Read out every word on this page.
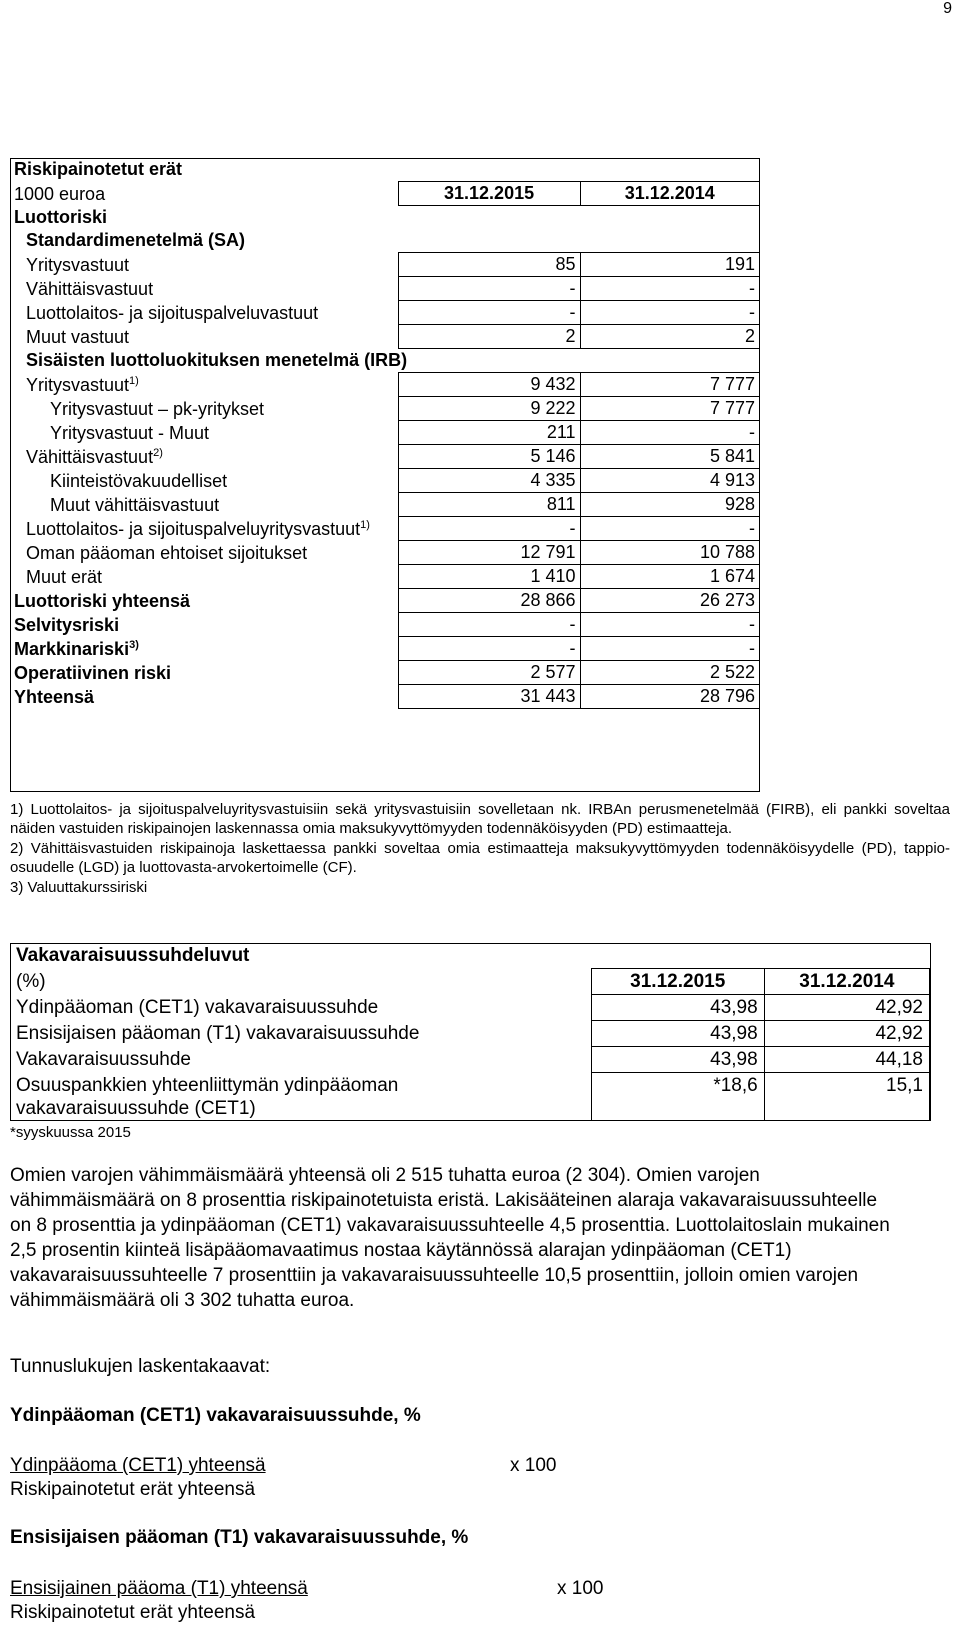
9
Riskipainotetut erät		
1000 euroa	31.12.2015	31.12.2014
Luottoriski		
Standardimenetelmä (SA)		
Yritysvastuut	85	191
Vähittäisvastuut	-	-
Luottolaitos- ja sijoituspalveluvastuut	-	-
Muut vastuut	2	2
Sisäisten luottoluokituksen menetelmä (IRB)		
Yritysvastuut$^{1)}$	9 432	7 777
Yritysvastuut – pk-yritykset	9 222	7 777
Yritysvastuut - Muut	211	-
Vähittäisvastuut$^{2)}$	5 146	5 841
Kiinteistövakuudelliset	4 335	4 913
Muut vähittäisvastuut	811	928
Luottolaitos- ja sijoituspalveluyritysvastuut$^{1)}$	-	-
Oman pääoman ehtoiset sijoitukset	12 791	10 788
Muut erät	1 410	1 674
Luottoriski yhteensä	28 866	26 273
Selvitysriski	-	-
Markkinariski$^{3)}$	-	-
Operatiivinen riski	2 577	2 522
Yhteensä	31 443	28 796

1) Luottolaitos- ja sijoituspalveluyritysvastuisiin sekä yritysvastuisiin sovelletaan nk. IRBAn perusmenetelmää (FIRB), eli pankki soveltaa näiden vastuiden riskipainojen laskennassa omia maksukyvyttömyyden todennäköisyyden (PD) estimaatteja.

2) Vähittäisvastuiden riskipainoja laskettaessa pankki soveltaa omia estimaatteja maksukyvyttömyyden todennäköisyydelle (PD), tappio-osuudelle (LGD) ja luottovasta-arvokertoimelle (CF).

3) Valuuttakurssiriski

Vakavaraisuussuhdeluvut		
(%)	31.12.2015	31.12.2014
Ydinpääoman (CET1) vakavaraisuussuhde	43,98	42,92
Ensisijaisen pääoman (T1) vakavaraisuussuhde	43,98	42,92
Vakavaraisuussuhde	43,98	44,18
Osuuspankkien yhteenliittymän ydinpääoman vakavaraisuussuhde (CET1)	*18,6	15,1
*syyskuussa 2015

Omien varojen vähimmäismäärä yhteensä oli 2 515 tuhatta euroa (2 304). Omien varojen vähimmäismäärä on 8 prosenttia riskipainotetuista eristä. Lakisääteinen alaraja vakavaraisuussuhteelle on 8 prosenttia ja ydinpääoman (CET1) vakavaraisuussuhteelle 4,5 prosenttia. Luottolaitoslain mukainen 2,5 prosentin kiinteä lisäpääomavaatimus nostaa käytännössä alarajan ydinpääoman (CET1) vakavaraisuussuhteelle 7 prosenttiin ja vakavaraisuussuhteelle 10,5 prosenttiin, jolloin omien varojen vähimmäismäärä oli 3 302 tuhatta euroa.

Tunnuslukujen laskentakaavat:
Ydinpääoman (CET1) vakavaraisuussuhde, %
Ydinpääoma (CET1) yhteensä	x 100
Riskipainotetut erät yhteensä
Ensisijaisen pääoman (T1) vakavaraisuussuhde, %
Ensisijainen pääoma (T1) yhteensä	x 100
Riskipainotetut erät yhteensä
